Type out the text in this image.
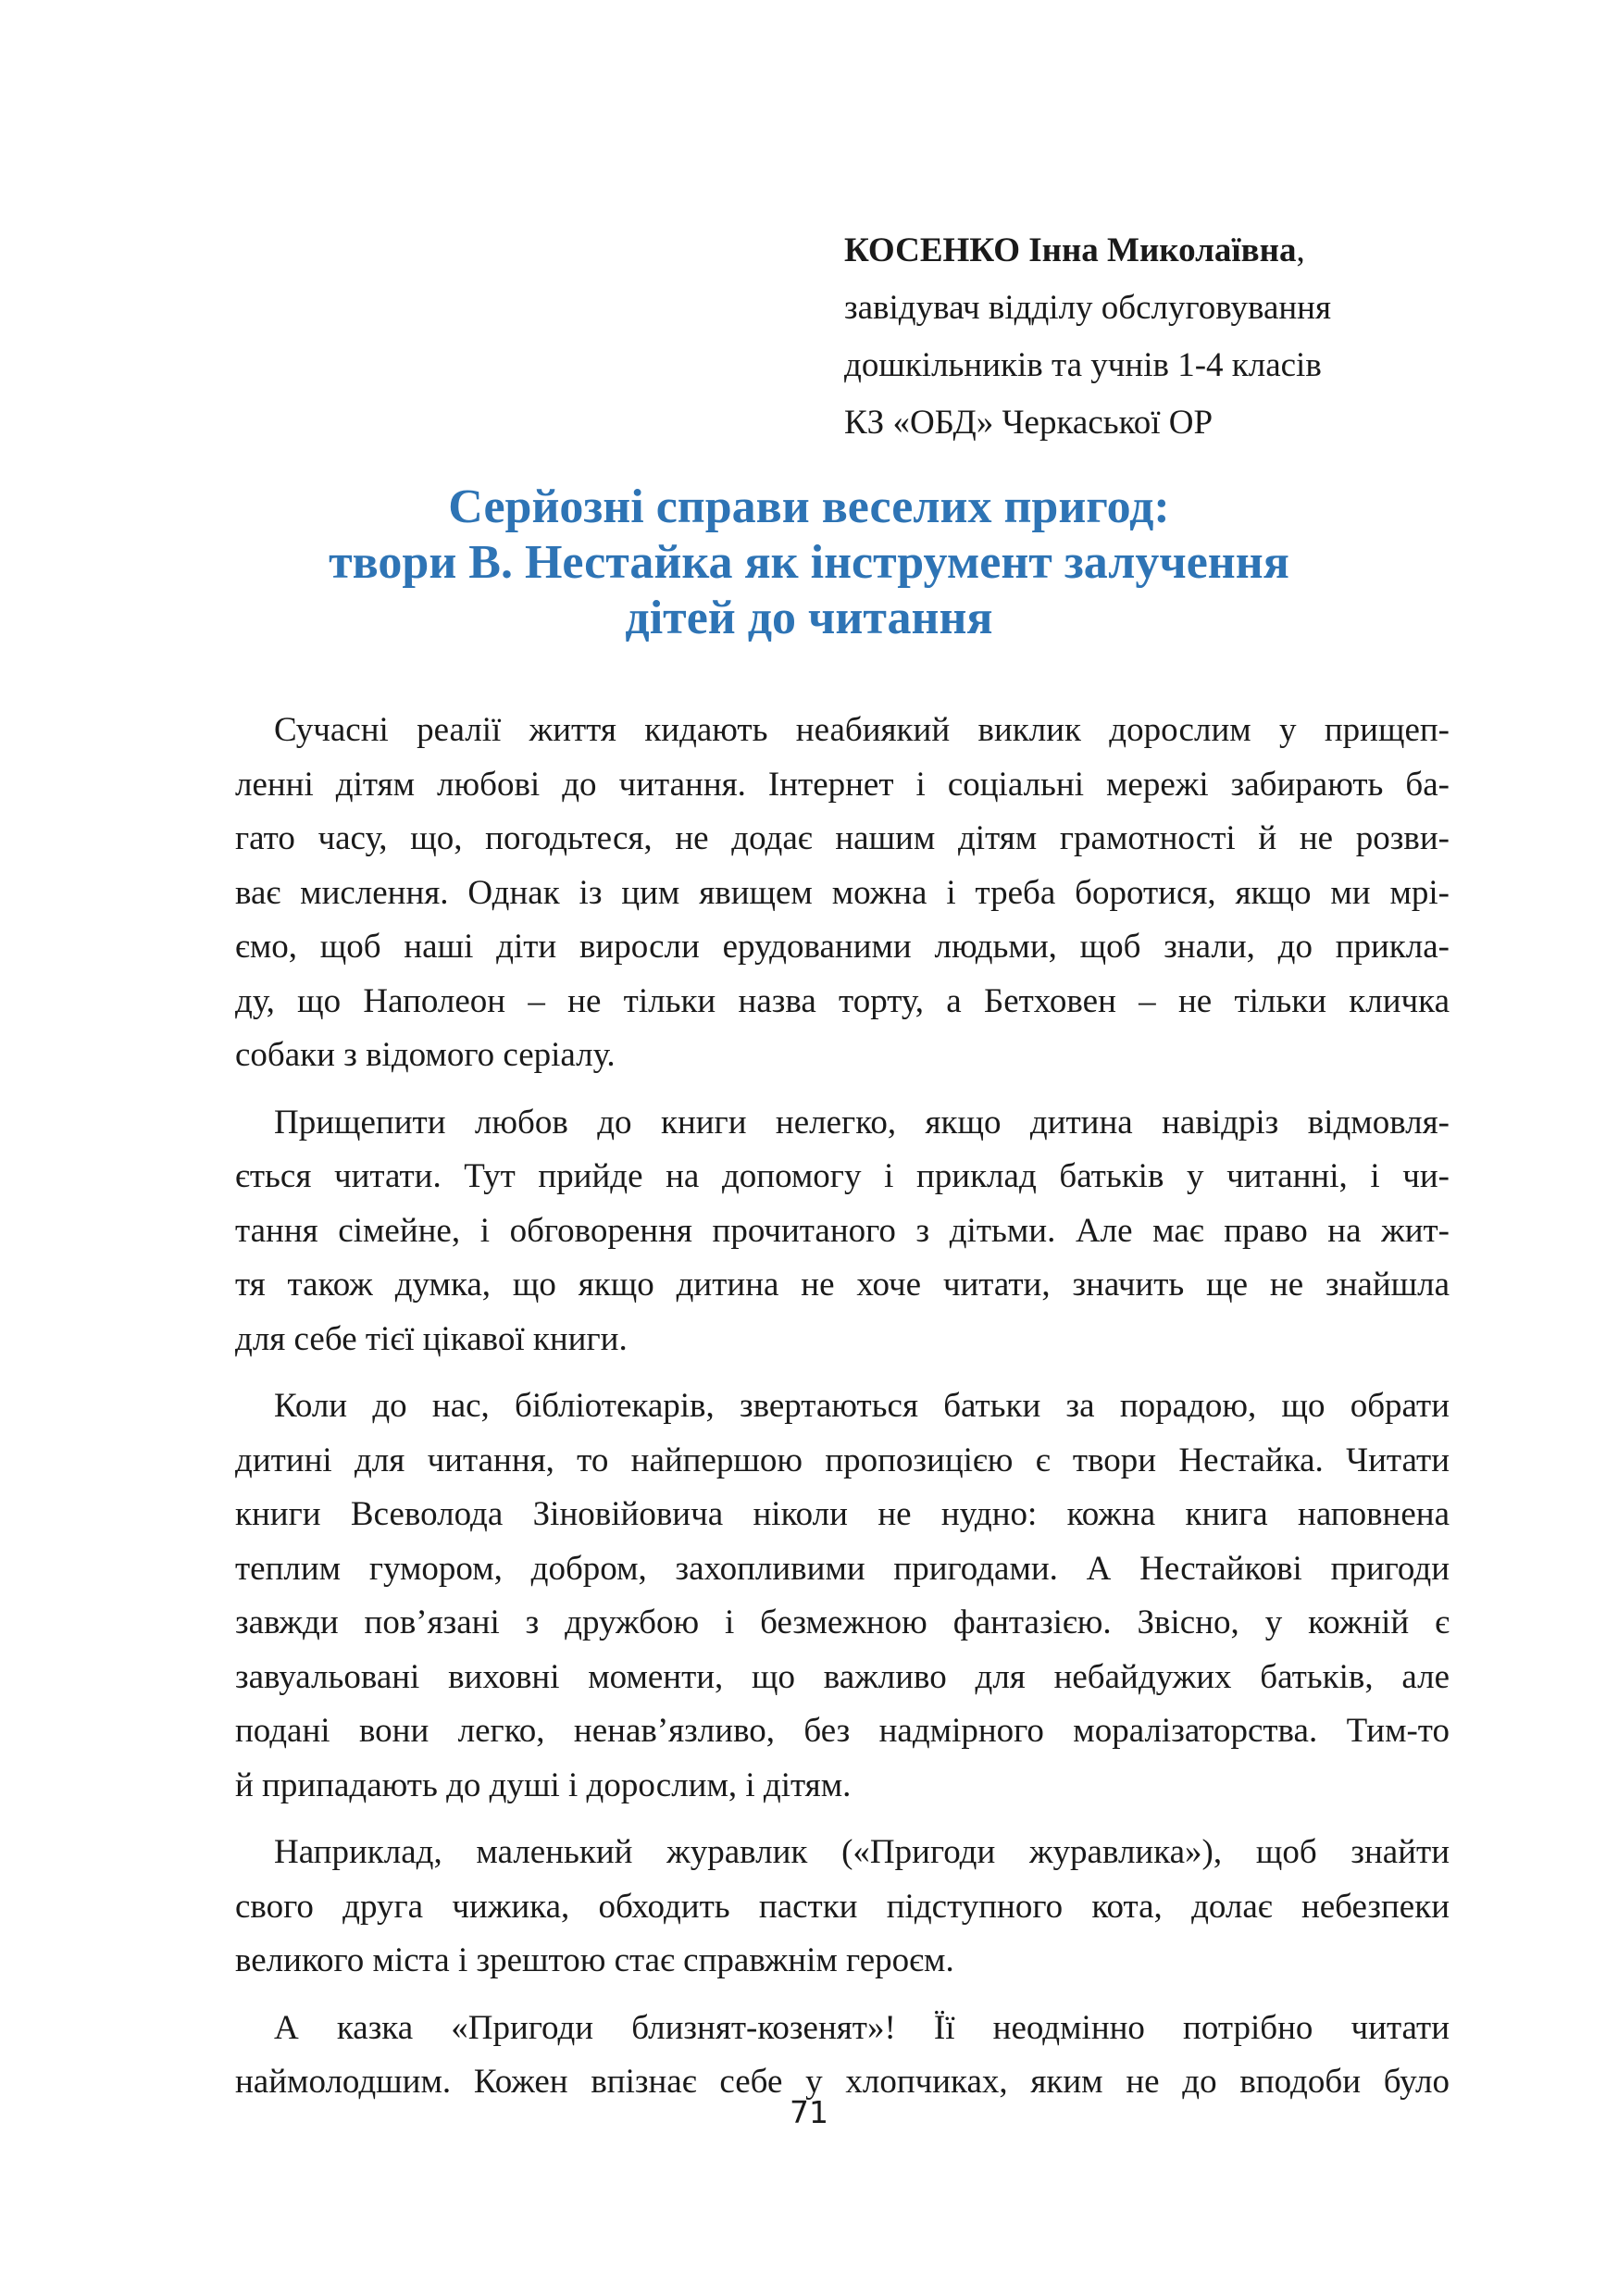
КОСЕНКО Інна Миколаївна,
завідувач відділу обслуговування
дошкільників та учнів 1-4 класів
КЗ «ОБД» Черкаської ОР
Серйозні справи веселих пригод:
твори В. Нестайка як інструмент залучення
дітей до читання
Сучасні реалії життя кидають неабиякий виклик дорослим у прищеп-
ленні дітям любові до читання. Інтернет і соціальні мережі забирають ба-
гато часу, що, погодьтеся, не додає нашим дітям грамотності й не розви-
ває мислення. Однак із цим явищем можна і треба боротися, якщо ми мрі-
ємо, щоб наші діти виросли ерудованими людьми, щоб знали, до прикла-
ду, що Наполеон – не тільки назва торту, а Бетховен – не тільки кличка
собаки з відомого серіалу.
Прищепити любов до книги нелегко, якщо дитина навідріз відмовля-
ється читати. Тут прийде на допомогу і приклад батьків у читанні, і чи-
тання сімейне, і обговорення прочитаного з дітьми. Але має право на жит-
тя також думка, що якщо дитина не хоче читати, значить ще не знайшла
для себе тієї цікавої книги.
Коли до нас, бібліотекарів, звертаються батьки за порадою, що обрати
дитині для читання, то найпершою пропозицією є твори Нестайка. Читати
книги Всеволода Зіновійовича ніколи не нудно: кожна книга наповнена
теплим гумором, добром, захопливими пригодами. А Нестайкові пригоди
завжди пов’язані з дружбою і безмежною фантазією. Звісно, у кожній є
завуальовані виховні моменти, що важливо для небайдужих батьків, але
подані вони легко, ненав’язливо, без надмірного моралізаторства. Тим-то
й припадають до душі і дорослим, і дітям.
Наприклад, маленький журавлик («Пригоди журавлика»), щоб знайти
свого друга чижика, обходить пастки підступного кота, долає небезпеки
великого міста і зрештою стає справжнім героєм.
А казка «Пригоди близнят-козенят»! Її неодмінно потрібно читати
наймолодшим. Кожен впізнає себе у хлопчиках, яким не до вподоби було
71
